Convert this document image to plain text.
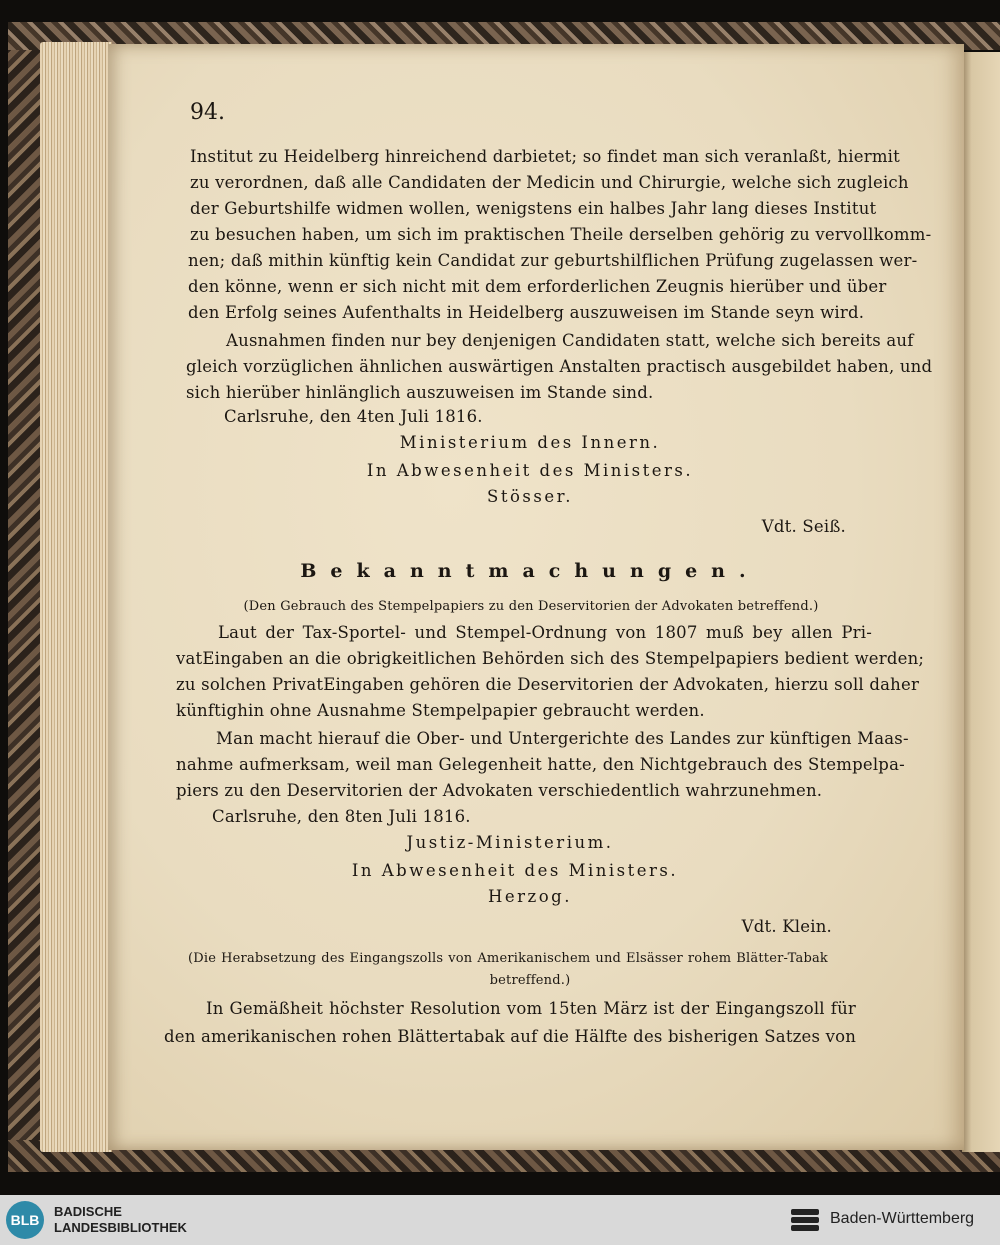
94.
Institut zu Heidelberg hinreichend darbietet; so findet man sich veranlaßt, hiermit
zu verordnen, daß alle Candidaten der Medicin und Chirurgie, welche sich zugleich
der Geburtshilfe widmen wollen, wenigstens ein halbes Jahr lang dieses Institut
zu besuchen haben, um sich im praktischen Theile derselben gehörig zu vervollkomm-
nen; daß mithin künftig kein Candidat zur geburtshilflichen Prüfung zugelassen wer-
den könne, wenn er sich nicht mit dem erforderlichen Zeugnis hierüber und über
den Erfolg seines Aufenthalts in Heidelberg auszuweisen im Stande seyn wird.
Ausnahmen finden nur bey denjenigen Candidaten statt, welche sich bereits auf
gleich vorzüglichen ähnlichen auswärtigen Anstalten practisch ausgebildet haben, und
sich hierüber hinlänglich auszuweisen im Stande sind.
Carlsruhe, den 4ten Juli 1816.
Ministerium des Innern.
In Abwesenheit des Ministers.
Stösser.
Vdt. Seiß.
Bekanntmachungen.
(Den Gebrauch des Stempelpapiers zu den Deservitorien der Advokaten betreffend.)
Laut der Tax-Sportel- und Stempel-Ordnung von 1807 muß bey allen Pri-
vatEingaben an die obrigkeitlichen Behörden sich des Stempelpapiers bedient werden;
zu solchen PrivatEingaben gehören die Deservitorien der Advokaten, hierzu soll daher
künftighin ohne Ausnahme Stempelpapier gebraucht werden.
Man macht hierauf die Ober- und Untergerichte des Landes zur künftigen Maas-
nahme aufmerksam, weil man Gelegenheit hatte, den Nichtgebrauch des Stempelpa-
piers zu den Deservitorien der Advokaten verschiedentlich wahrzunehmen.
Carlsruhe, den 8ten Juli 1816.
Justiz-Ministerium.
In Abwesenheit des Ministers.
Herzog.
Vdt. Klein.
(Die Herabsetzung des Eingangszolls von Amerikanischem und Elsässer rohem Blätter-Tabak
betreffend.)
In Gemäßheit höchster Resolution vom 15ten März ist der Eingangszoll für
den amerikanischen rohen Blättertabak auf die Hälfte des bisherigen Satzes von
BLB
BADISCHE
LANDESBIBLIOTHEK
Baden-Württemberg
